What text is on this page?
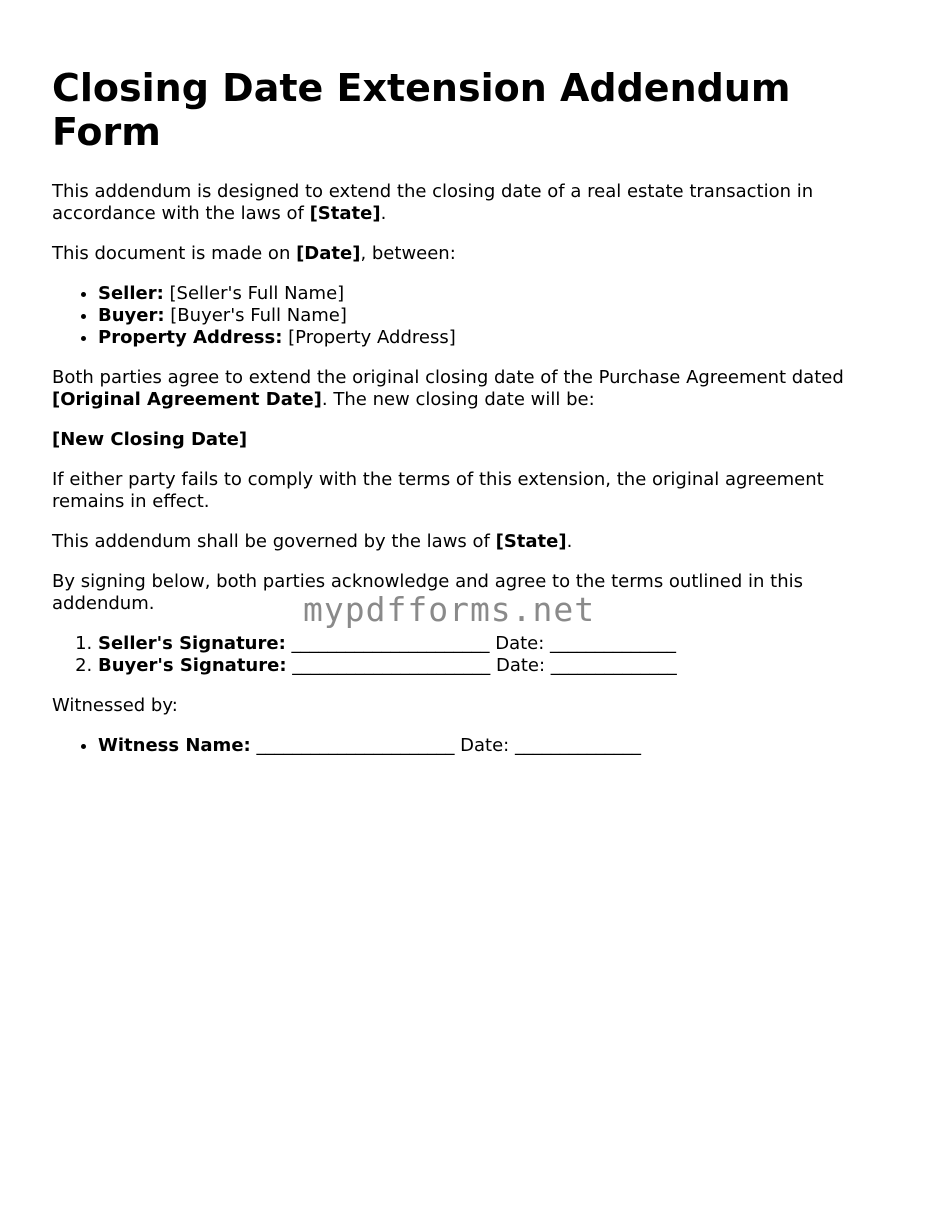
Closing Date Extension Addendum Form

This addendum is designed to extend the closing date of a real estate transaction in accordance with the laws of [State].

This document is made on [Date], between:

• Seller: [Seller's Full Name]
• Buyer: [Buyer's Full Name]
• Property Address: [Property Address]

Both parties agree to extend the original closing date of the Purchase Agreement dated [Original Agreement Date]. The new closing date will be:

[New Closing Date]

If either party fails to comply with the terms of this extension, the original agreement remains in effect.

This addendum shall be governed by the laws of [State].

By signing below, both parties acknowledge and agree to the terms outlined in this addendum.

1. Seller's Signature: ______________________ Date: ______________
2. Buyer's Signature: ______________________ Date: ______________

Witnessed by:

• Witness Name: ______________________ Date: ______________
mypdfforms.net
